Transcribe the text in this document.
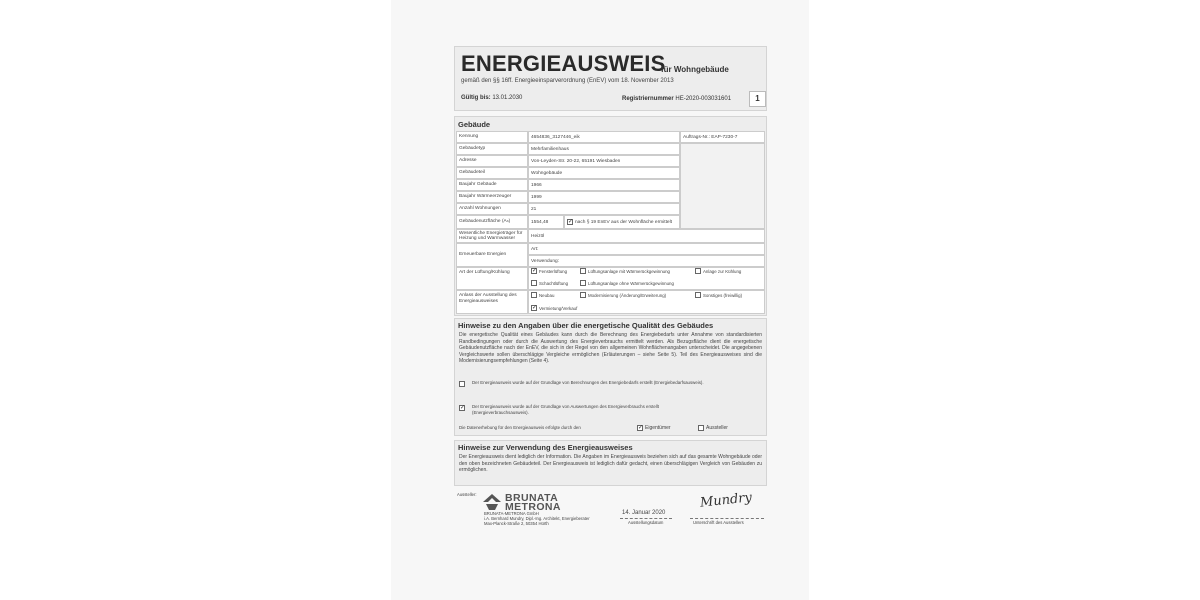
ENERGIEAUSWEIS
für Wohngebäude
gemäß den §§ 16ff. Energieeinsparverordnung (EnEV) vom 18. November 2013
Gültig bis: 13.01.2030	Registriernummer HE-2020-003031601	1
Gebäude
Kennung	4654836_3127446_eik	Auftrags-Nr.: EAP-7230-7
Gebäudetyp	Mehrfamilienhaus
Adresse	Von-Leyden-Str. 20-22, 65191 Wiesbaden
Gebäudeteil	Wohngebäude
Baujahr Gebäude	1966
Baujahr Wärmeerzeuger	1999
Anzahl Wohnungen	21
Gebäudenutzfläche (Aₙ)	1554,48	✓ nach § 19 EnEV aus der Wohnfläche ermittelt
Wesentliche Energieträger für Heizung und Warmwasser	Heizöl
Erneuerbare Energien
Art:
Verwendung:
Art der Lüftung/Kühlung	✓ Fensterlüftung	Lüftungsanlage mit Wärmerückgewinnung	Anlage zur Kühlung
Schachtlüftung	Lüftungsanlage ohne Wärmerückgewinnung
Anlass der Ausstellung des Energieausweises
Neubau	Modernisierung (Änderung/Erweiterung)	Sonstiges (freiwillig)
✓ Vermietung/Verkauf
Hinweise zu den Angaben über die energetische Qualität des Gebäudes
Die energetische Qualität eines Gebäudes kann durch die Berechnung des Energiebedarfs unter Annahme von standardisierten Randbedingungen oder durch die Auswertung des Energieverbrauchs ermittelt werden. Als Bezugsfläche dient die energetische Gebäudenutzfläche nach der EnEV, die sich in der Regel von den allgemeinen Wohnflächenangaben unterscheidet. Die angegebenen Vergleichswerte sollen überschlägige Vergleiche ermöglichen (Erläuterungen – siehe Seite 5). Teil des Energieausweises sind die Modernisierungsempfehlungen (Seite 4).
Der Energieausweis wurde auf der Grundlage von Berechnungen des Energiebedarfs erstellt (Energiebedarfsausweis).
✓ Der Energieausweis wurde auf der Grundlage von Auswertungen des Energieverbrauchs erstellt (Energieverbrauchsausweis).
Die Datenerhebung für den Energieausweis erfolgte durch den	✓ Eigentümer	Aussteller
Hinweise zur Verwendung des Energieausweises
Der Energieausweis dient lediglich der Information. Die Angaben im Energieausweis beziehen sich auf das gesamte Wohngebäude oder den oben bezeichneten Gebäudeteil. Der Energieausweis ist lediglich dafür gedacht, einen überschlägigen Vergleich von Gebäuden zu ermöglichen.
Aussteller:	BRUNATA
METRONA
BRUNATA-METRONA GmbH
i.A. Bernhard Mundry, Dipl.-Ing. Architekt, Energieberater
Max-Planck-Straße 2, 50354 Hürth
14. Januar 2020
Ausstellungsdatum
Mundry
Unterschrift des Ausstellers
